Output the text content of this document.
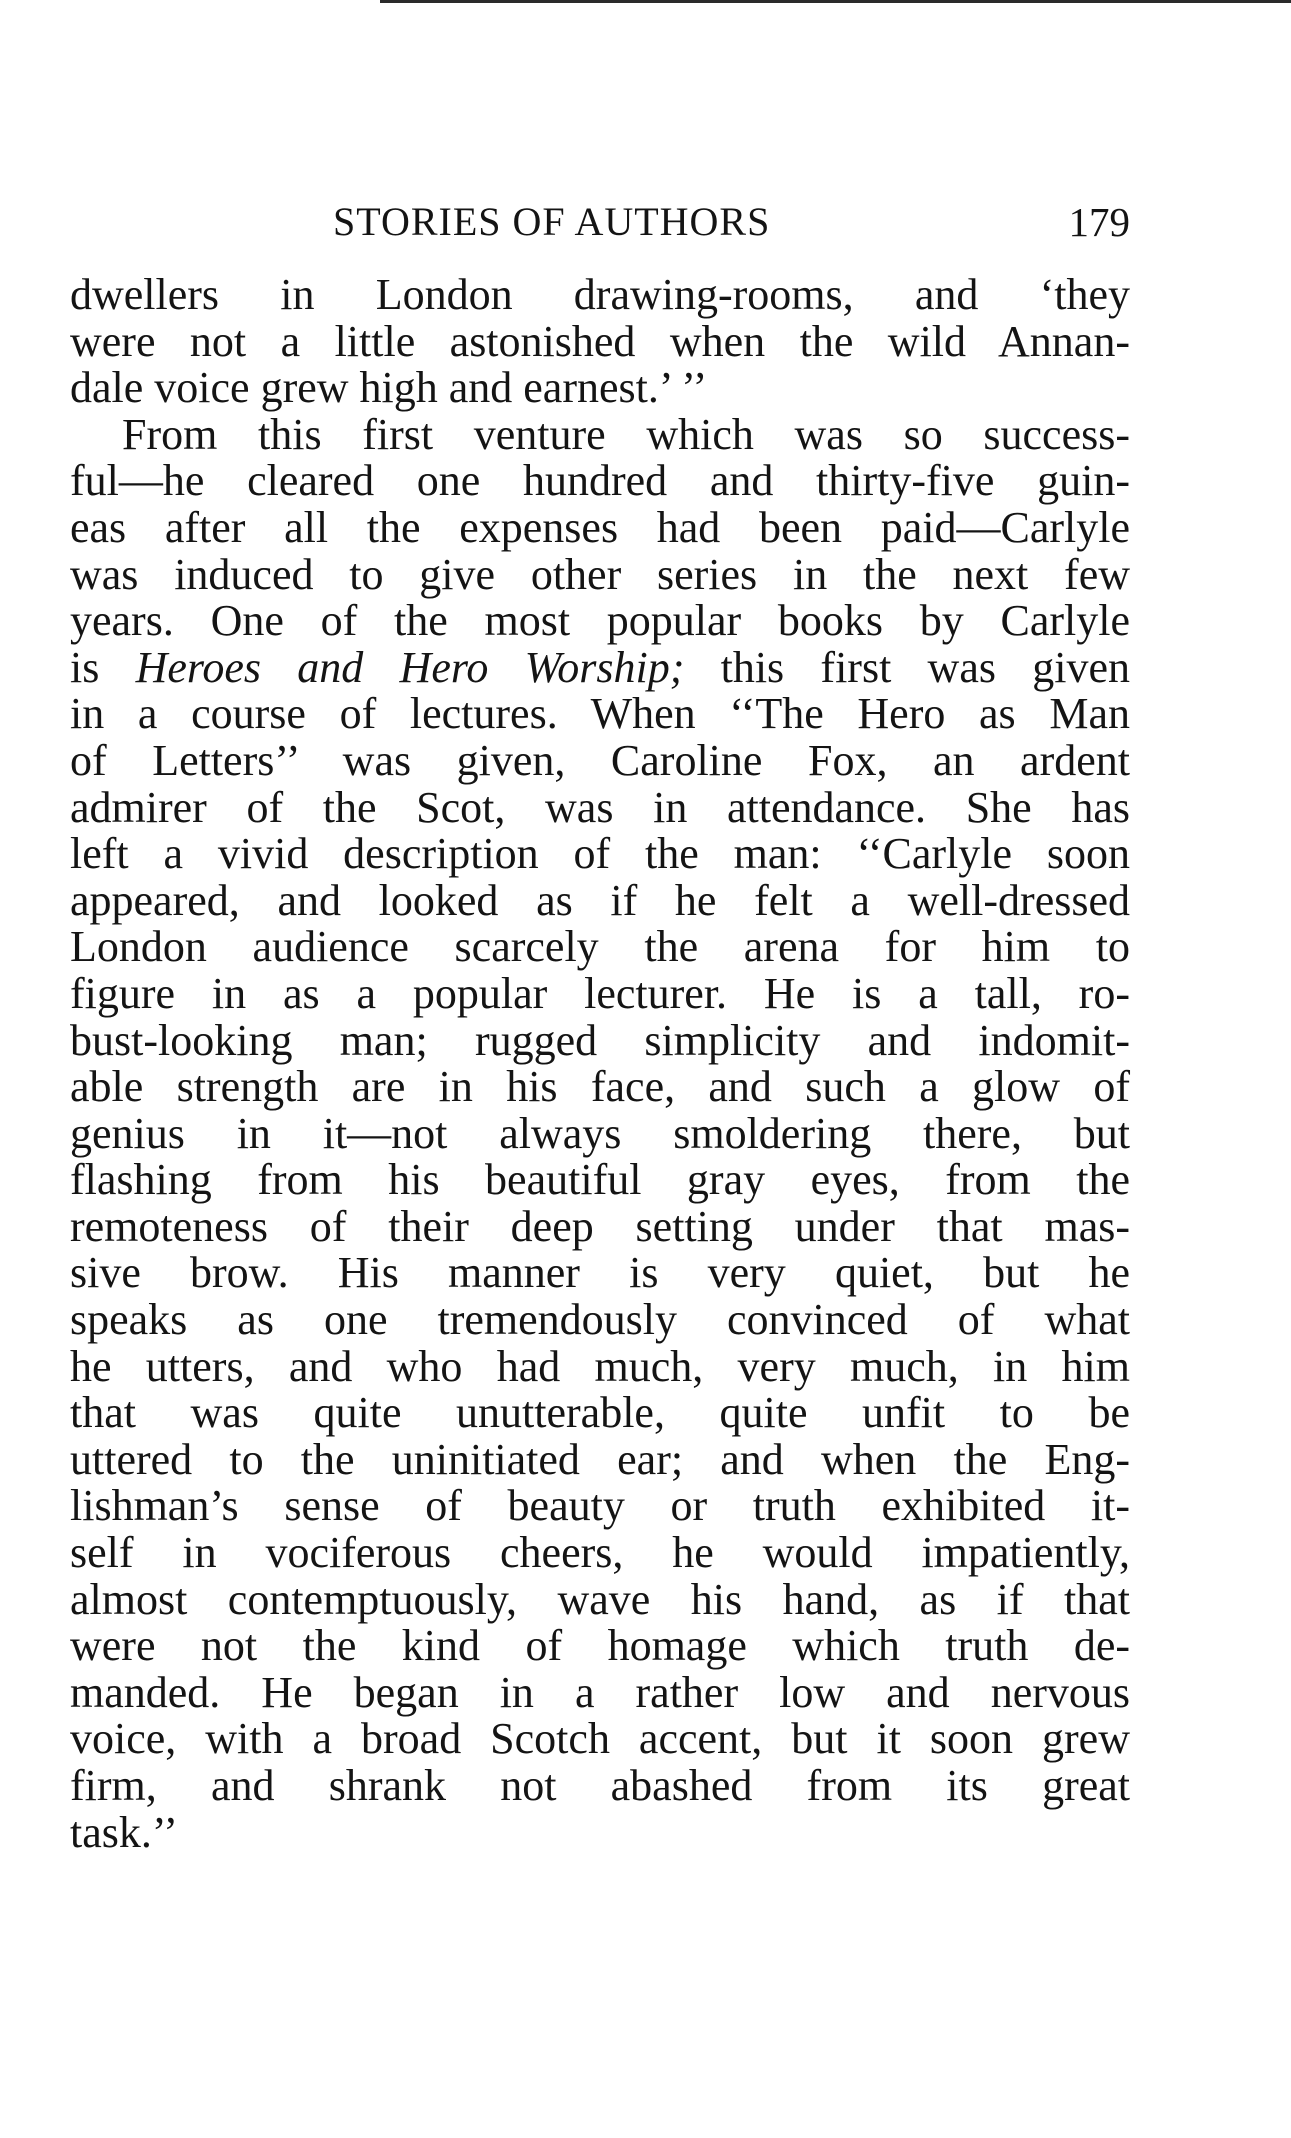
STORIES OF AUTHORS	179
dwellers in London drawing-rooms, and ‘they
were not a little astonished when the wild Annan-
dale voice grew high and earnest.’ ’’
From this first venture which was so success-
ful—he cleared one hundred and thirty-five guin-
eas after all the expenses had been paid—Carlyle
was induced to give other series in the next few
years. One of the most popular books by Carlyle
is Heroes and Hero Worship; this first was given
in a course of lectures. When ‘‘The Hero as Man
of Letters’’ was given, Caroline Fox, an ardent
admirer of the Scot, was in attendance. She has
left a vivid description of the man: ‘‘Carlyle soon
appeared, and looked as if he felt a well-dressed
London audience scarcely the arena for him to
figure in as a popular lecturer. He is a tall, ro-
bust-looking man; rugged simplicity and indomit-
able strength are in his face, and such a glow of
genius in it—not always smoldering there, but
flashing from his beautiful gray eyes, from the
remoteness of their deep setting under that mas-
sive brow. His manner is very quiet, but he
speaks as one tremendously convinced of what
he utters, and who had much, very much, in him
that was quite unutterable, quite unfit to be
uttered to the uninitiated ear; and when the Eng-
lishman’s sense of beauty or truth exhibited it-
self in vociferous cheers, he would impatiently,
almost contemptuously, wave his hand, as if that
were not the kind of homage which truth de-
manded. He began in a rather low and nervous
voice, with a broad Scotch accent, but it soon grew
firm, and shrank not abashed from its great
task.’’
